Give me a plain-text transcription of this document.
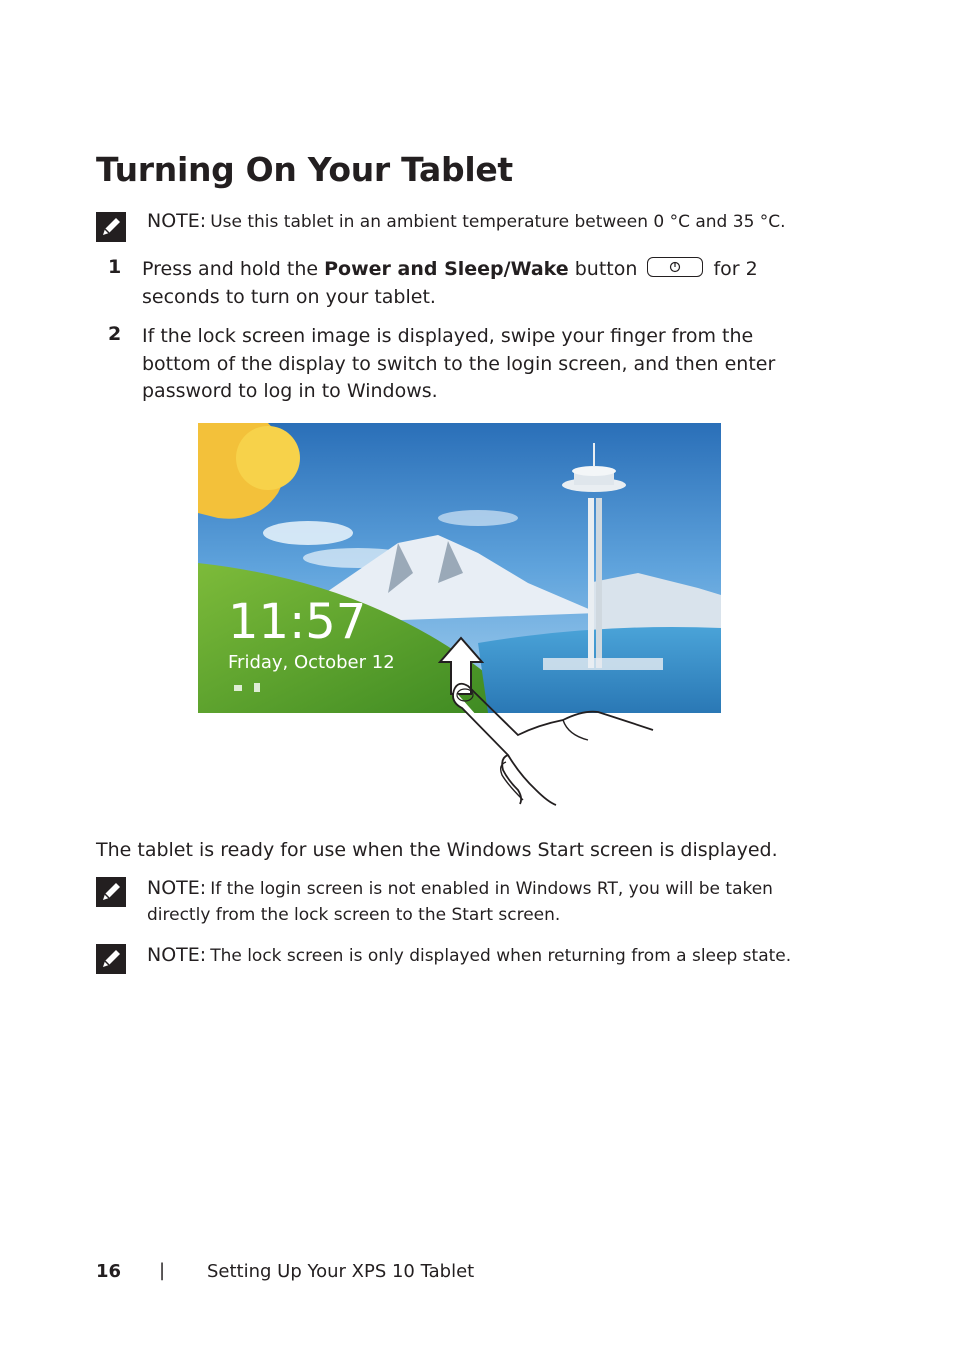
Turning On Your Tablet
NOTE: Use this tablet in an ambient temperature between 0 °C and 35 °C.
1 Press and hold the Power and Sleep/Wake button	for 2 seconds to turn on your tablet.
2 If the lock screen image is displayed, swipe your finger from the bottom of the display to switch to the login screen, and then enter password to log in to Windows.
11:57
Friday, October 12
The tablet is ready for use when the Windows Start screen is displayed.
NOTE: If the login screen is not enabled in Windows RT, you will be taken directly from the lock screen to the Start screen.
NOTE: The lock screen is only displayed when returning from a sleep state.
16 | Setting Up Your XPS 10 Tablet
